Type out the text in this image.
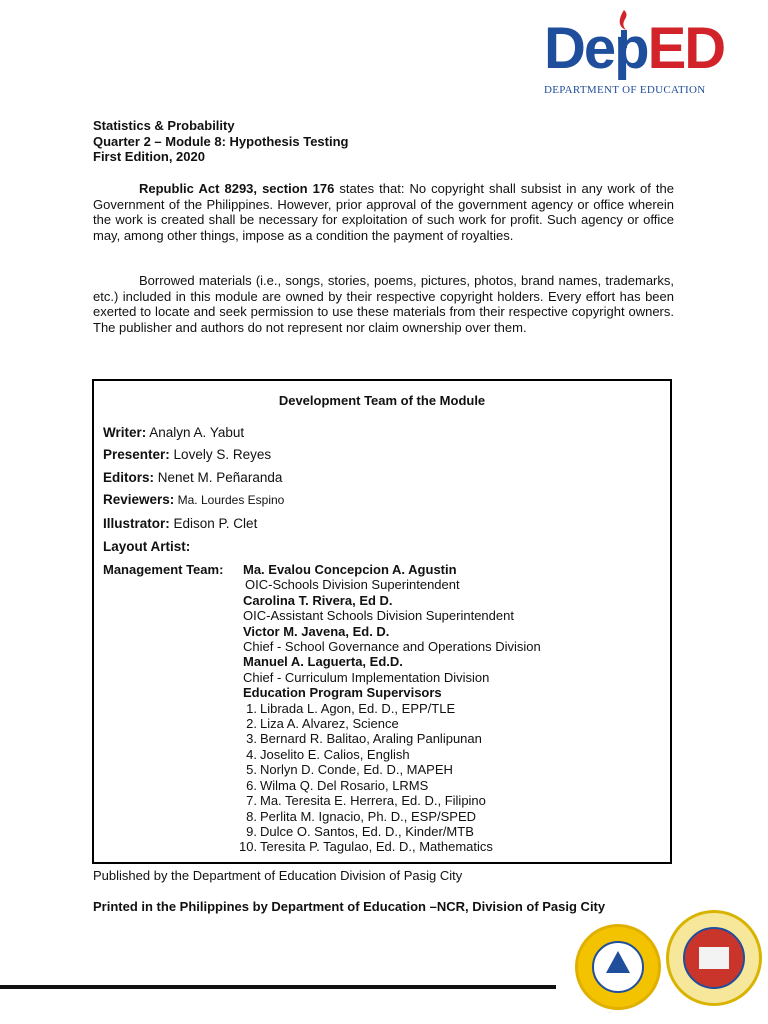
DepED
DEPARTMENT OF EDUCATION
Statistics & Probability
Quarter 2 – Module 8: Hypothesis Testing
First Edition, 2020
Republic Act 8293, section 176 states that: No copyright shall subsist in any work of the Government of the Philippines. However, prior approval of the government agency or office wherein the work is created shall be necessary for exploitation of such work for profit. Such agency or office may, among other things, impose as a condition the payment of royalties.
Borrowed materials (i.e., songs, stories, poems, pictures, photos, brand names, trademarks, etc.) included in this module are owned by their respective copyright holders. Every effort has been exerted to locate and seek permission to use these materials from their respective copyright owners. The publisher and authors do not represent nor claim ownership over them.
Development Team of the Module
Writer: Analyn A. Yabut
Presenter: Lovely S. Reyes
Editors: Nenet M. Peñaranda
Reviewers: Ma. Lourdes Espino
Illustrator: Edison P. Clet
Layout Artist:
Management Team: Ma. Evalou Concepcion A. Agustin
OIC-Schools Division Superintendent
Carolina T. Rivera, Ed D.
OIC-Assistant Schools Division Superintendent
Victor M. Javena, Ed. D.
Chief - School Governance and Operations Division
Manuel A. Laguerta, Ed.D.
Chief - Curriculum Implementation Division
Education Program Supervisors
1. Librada L. Agon, Ed. D., EPP/TLE
2. Liza A. Alvarez, Science
3. Bernard R. Balitao, Araling Panlipunan
4. Joselito E. Calios, English
5. Norlyn D. Conde, Ed. D., MAPEH
6. Wilma Q. Del Rosario, LRMS
7. Ma. Teresita E. Herrera, Ed. D., Filipino
8. Perlita M. Ignacio, Ph. D., ESP/SPED
9. Dulce O. Santos, Ed. D., Kinder/MTB
10. Teresita P. Tagulao, Ed. D., Mathematics
Published by the Department of Education Division of Pasig City
Printed in the Philippines by Department of Education –NCR, Division of Pasig City
